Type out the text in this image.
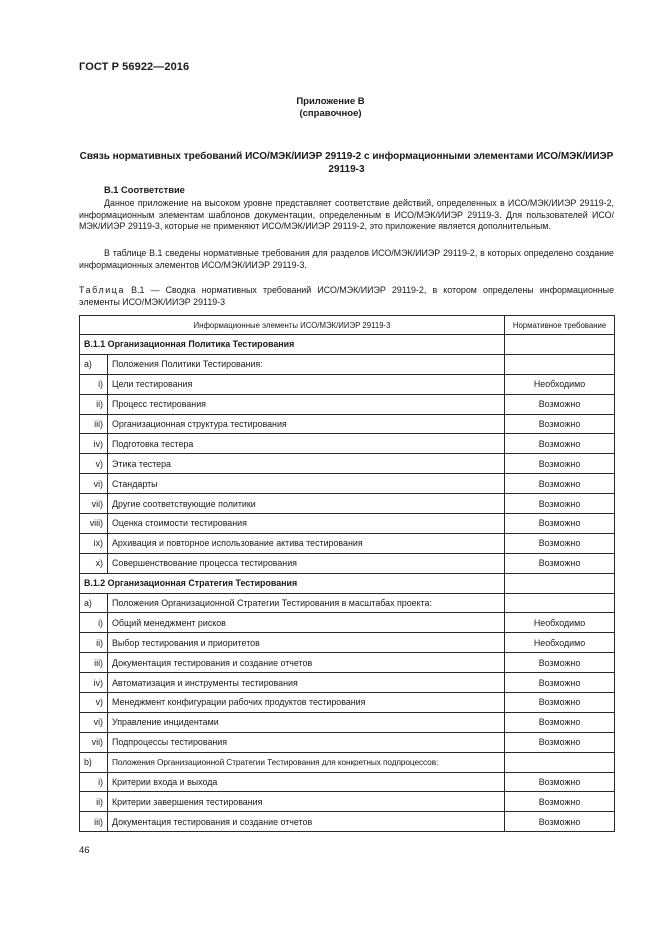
ГОСТ Р 56922—2016
Приложение В
(справочное)
Связь нормативных требований ИСО/МЭК/ИИЭР 29119-2 с информационными элементами ИСО/МЭК/ИИЭР 29119-3
В.1 Соответствие

Данное приложение на высоком уровне представляет соответствие действий, определенных в ИСО/МЭК/ИИЭР 29119-2, информационным элементам шаблонов документации, определенным в ИСО/МЭК/ИИЭР 29119-3. Для пользователей ИСО/МЭК/ИИЭР 29119-3, которые не применяют ИСО/МЭК/ИИЭР 29119-2, это приложение является дополнительным.

В таблице В.1 сведены нормативные требования для разделов ИСО/МЭК/ИИЭР 29119-2, в которых определено создание информационных элементов ИСО/МЭК/ИИЭР 29119-3.

Таблица В.1 — Сводка нормативных требований ИСО/МЭК/ИИЭР 29119-2, в котором определены информационные элементы ИСО/МЭК/ИИЭР 29119-3

Информационные элементы ИСО/МЭК/ИИЭР 29119-3		Нормативное требование
В.1.1 Организационная Политика Тестирования		
a)	Положения Политики Тестирования:	
i)	Цели тестирования	Необходимо
ii)	Процесс тестирования	Возможно
iii)	Организационная структура тестирования	Возможно
iv)	Подготовка тестера	Возможно
v)	Этика тестера	Возможно
vi)	Стандарты	Возможно
vii)	Другие соответствующие политики	Возможно
viii)	Оценка стоимости тестирования	Возможно
ix)	Архивация и повторное использование актива тестирования	Возможно
x)	Совершенствование процесса тестирования	Возможно
В.1.2 Организационная Стратегия Тестирования		
a)	Положения Организационной Стратегии Тестирования в масштабах проекта:	
i)	Общий менеджмент рисков	Необходимо
ii)	Выбор тестирования и приоритетов	Необходимо
iii)	Документация тестирования и создание отчетов	Возможно
iv)	Автоматизация и инструменты тестирования	Возможно
v)	Менеджмент конфигурации рабочих продуктов тестирования	Возможно
vi)	Управление инцидентами	Возможно
vii)	Подпроцессы тестирования	Возможно
b)	Положения Организационной Стратегии Тестирования для конкретных подпроцессов:	
i)	Критерии входа и выхода	Возможно
ii)	Критерии завершения тестирования	Возможно
iii)	Документация тестирования и создание отчетов	Возможно
46
